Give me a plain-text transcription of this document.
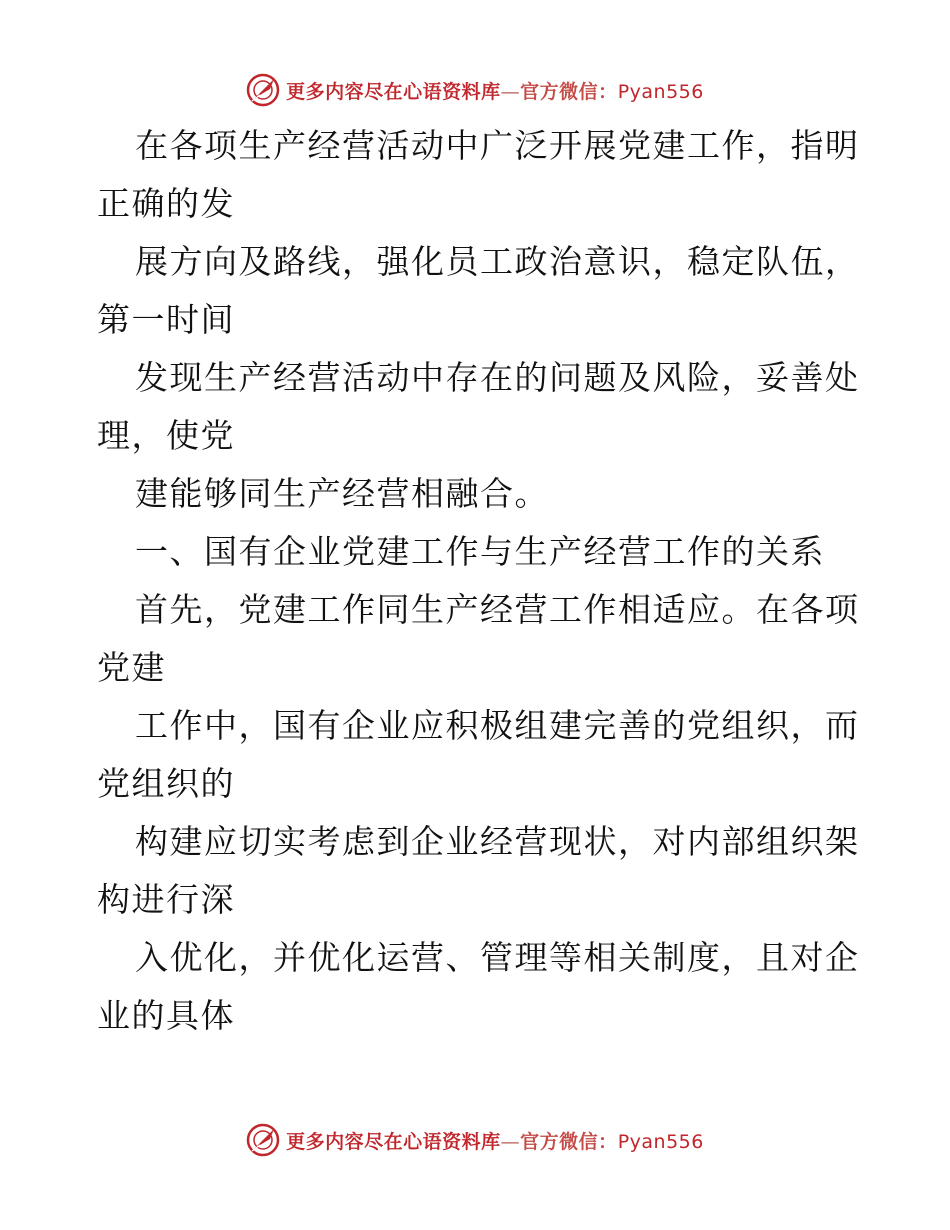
更多内容尽在心语资料库—官方微信：Pyan556
在各项生产经营活动中广泛开展党建工作，指明
正确的发
展方向及路线，强化员工政治意识，稳定队伍，
第一时间
发现生产经营活动中存在的问题及风险，妥善处
理，使党
建能够同生产经营相融合。
一、国有企业党建工作与生产经营工作的关系
首先，党建工作同生产经营工作相适应。在各项
党建
工作中，国有企业应积极组建完善的党组织，而
党组织的
构建应切实考虑到企业经营现状，对内部组织架
构进行深
入优化，并优化运营、管理等相关制度，且对企
业的具体
更多内容尽在心语资料库—官方微信：Pyan556
